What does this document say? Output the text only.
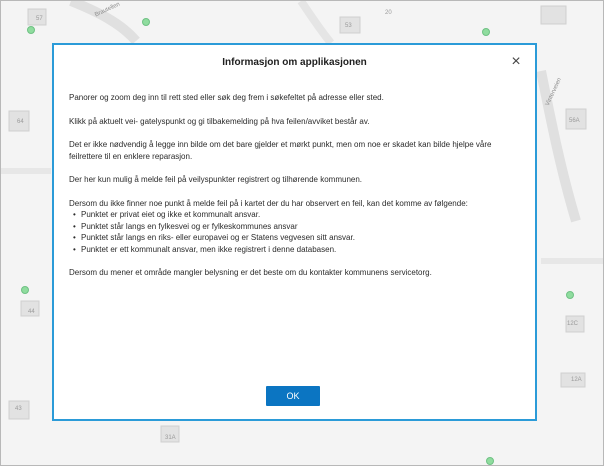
57
53
20
64	56A
44
12C
12A
43
31A
Brautellen
Vinterveien
Informasjon om applikasjonen	×

Panorer og zoom deg inn til rett sted eller søk deg frem i søkefeltet på adresse eller sted.

Klikk på aktuelt vei- gatelyspunkt og gi tilbakemelding på hva feilen/avviket består av.

Det er ikke nødvendig å legge inn bilde om det bare gjelder et mørkt punkt, men om noe er skadet kan bilde hjelpe våre feilrettere til en enklere reparasjon.

Der her kun mulig å melde feil på veilyspunkter registrert og tilhørende kommunen.

Dersom du ikke finner noe punkt å melde feil på i kartet der du har observert en feil, kan det komme av følgende:

• Punktet er privat eiet og ikke et kommunalt ansvar.
• Punktet står langs en fylkesvei og er fylkeskommunes ansvar
• Punktet står langs en riks- eller europavei og er Statens vegvesen sitt ansvar.
• Punktet er ett kommunalt ansvar, men ikke registrert i denne databasen.

Dersom du mener et område mangler belysning er det beste om du kontakter kommunens servicetorg.

OK
